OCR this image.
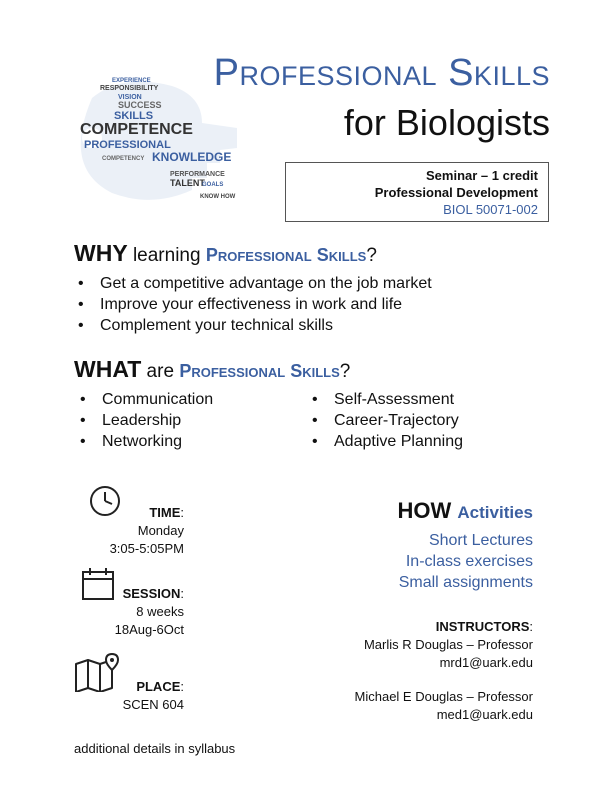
EXPERIENCE
RESPONSIBILITY
VISION
SUCCESS
SKILLS
COMPETENCE
PROFESSIONAL
KNOWLEDGE
PERFORMANCE
TALENT
GOALS
COMPETENCY
KNOW HOW
Professional Skills
for Biologists
Seminar – 1 credit
Professional Development
BIOL 50071-002
WHY learning Professional Skills?
• Get a competitive advantage on the job market
• Improve your effectiveness in work and life
• Complement your technical skills
WHAT are Professional Skills?
• Communication
• Leadership
• Networking
• Self-Assessment
• Career-Trajectory
• Adaptive Planning
TIME:
Monday
3:05-5:05PM
SESSION:
8 weeks
18Aug-6Oct
PLACE:
SCEN 604
HOW Activities
Short Lectures
In-class exercises
Small assignments
INSTRUCTORS:
Marlis R Douglas – Professor
mrd1@uark.edu
Michael E Douglas – Professor
med1@uark.edu
additional details in syllabus
